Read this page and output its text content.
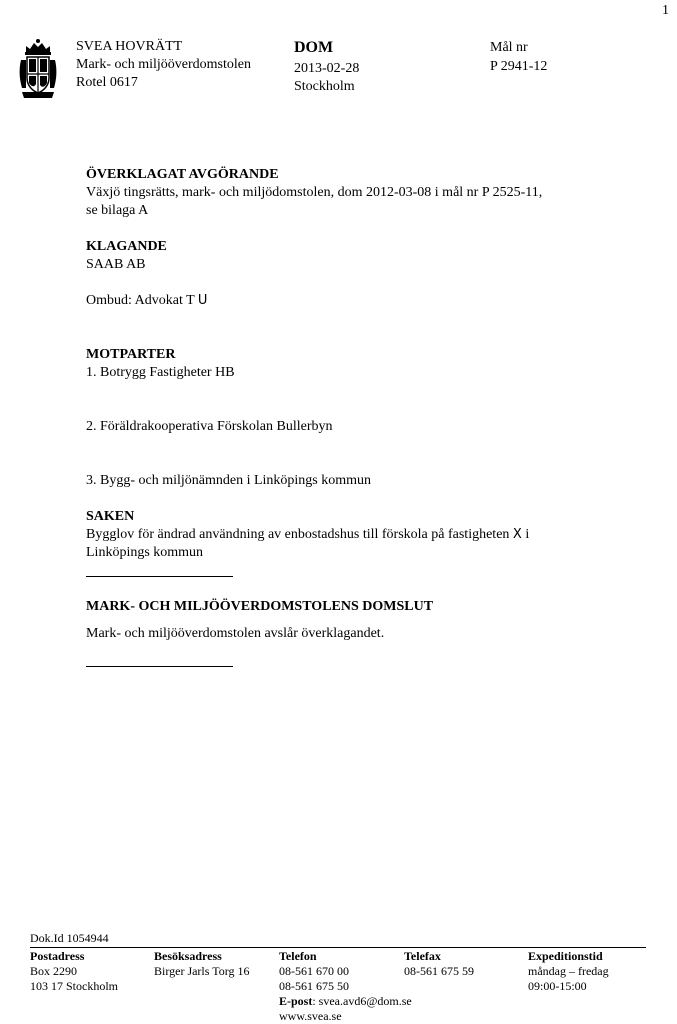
1
SVEA HOVRÄTT
Mark- och miljööverdomstolen
Rotel 0617
DOM
2013-02-28
Stockholm
Mål nr
P 2941-12
ÖVERKLAGAT AVGÖRANDE
Växjö tingsrätts, mark- och miljödomstolen, dom 2012-03-08 i mål nr P 2525-11,
se bilaga A
KLAGANDE
SAAB AB
Ombud: Advokat T U
MOTPARTER
1. Botrygg Fastigheter HB
2. Föräldrakooperativa Förskolan Bullerbyn
3. Bygg- och miljönämnden i Linköpings kommun
SAKEN
Bygglov för ändrad användning av enbostadshus till förskola på fastigheten X i
Linköpings kommun
MARK- OCH MILJÖÖVERDOMSTOLENS DOMSLUT
Mark- och miljööverdomstolen avslår överklagandet.
Dok.Id 1054944
Postadress
Box 2290
103 17 Stockholm
Besöksadress
Birger Jarls Torg 16
Telefon
08-561 670 00
08-561 675 50
E-post: svea.avd6@dom.se
www.svea.se
Telefax
08-561 675 59
Expeditionstid
måndag – fredag
09:00-15:00
